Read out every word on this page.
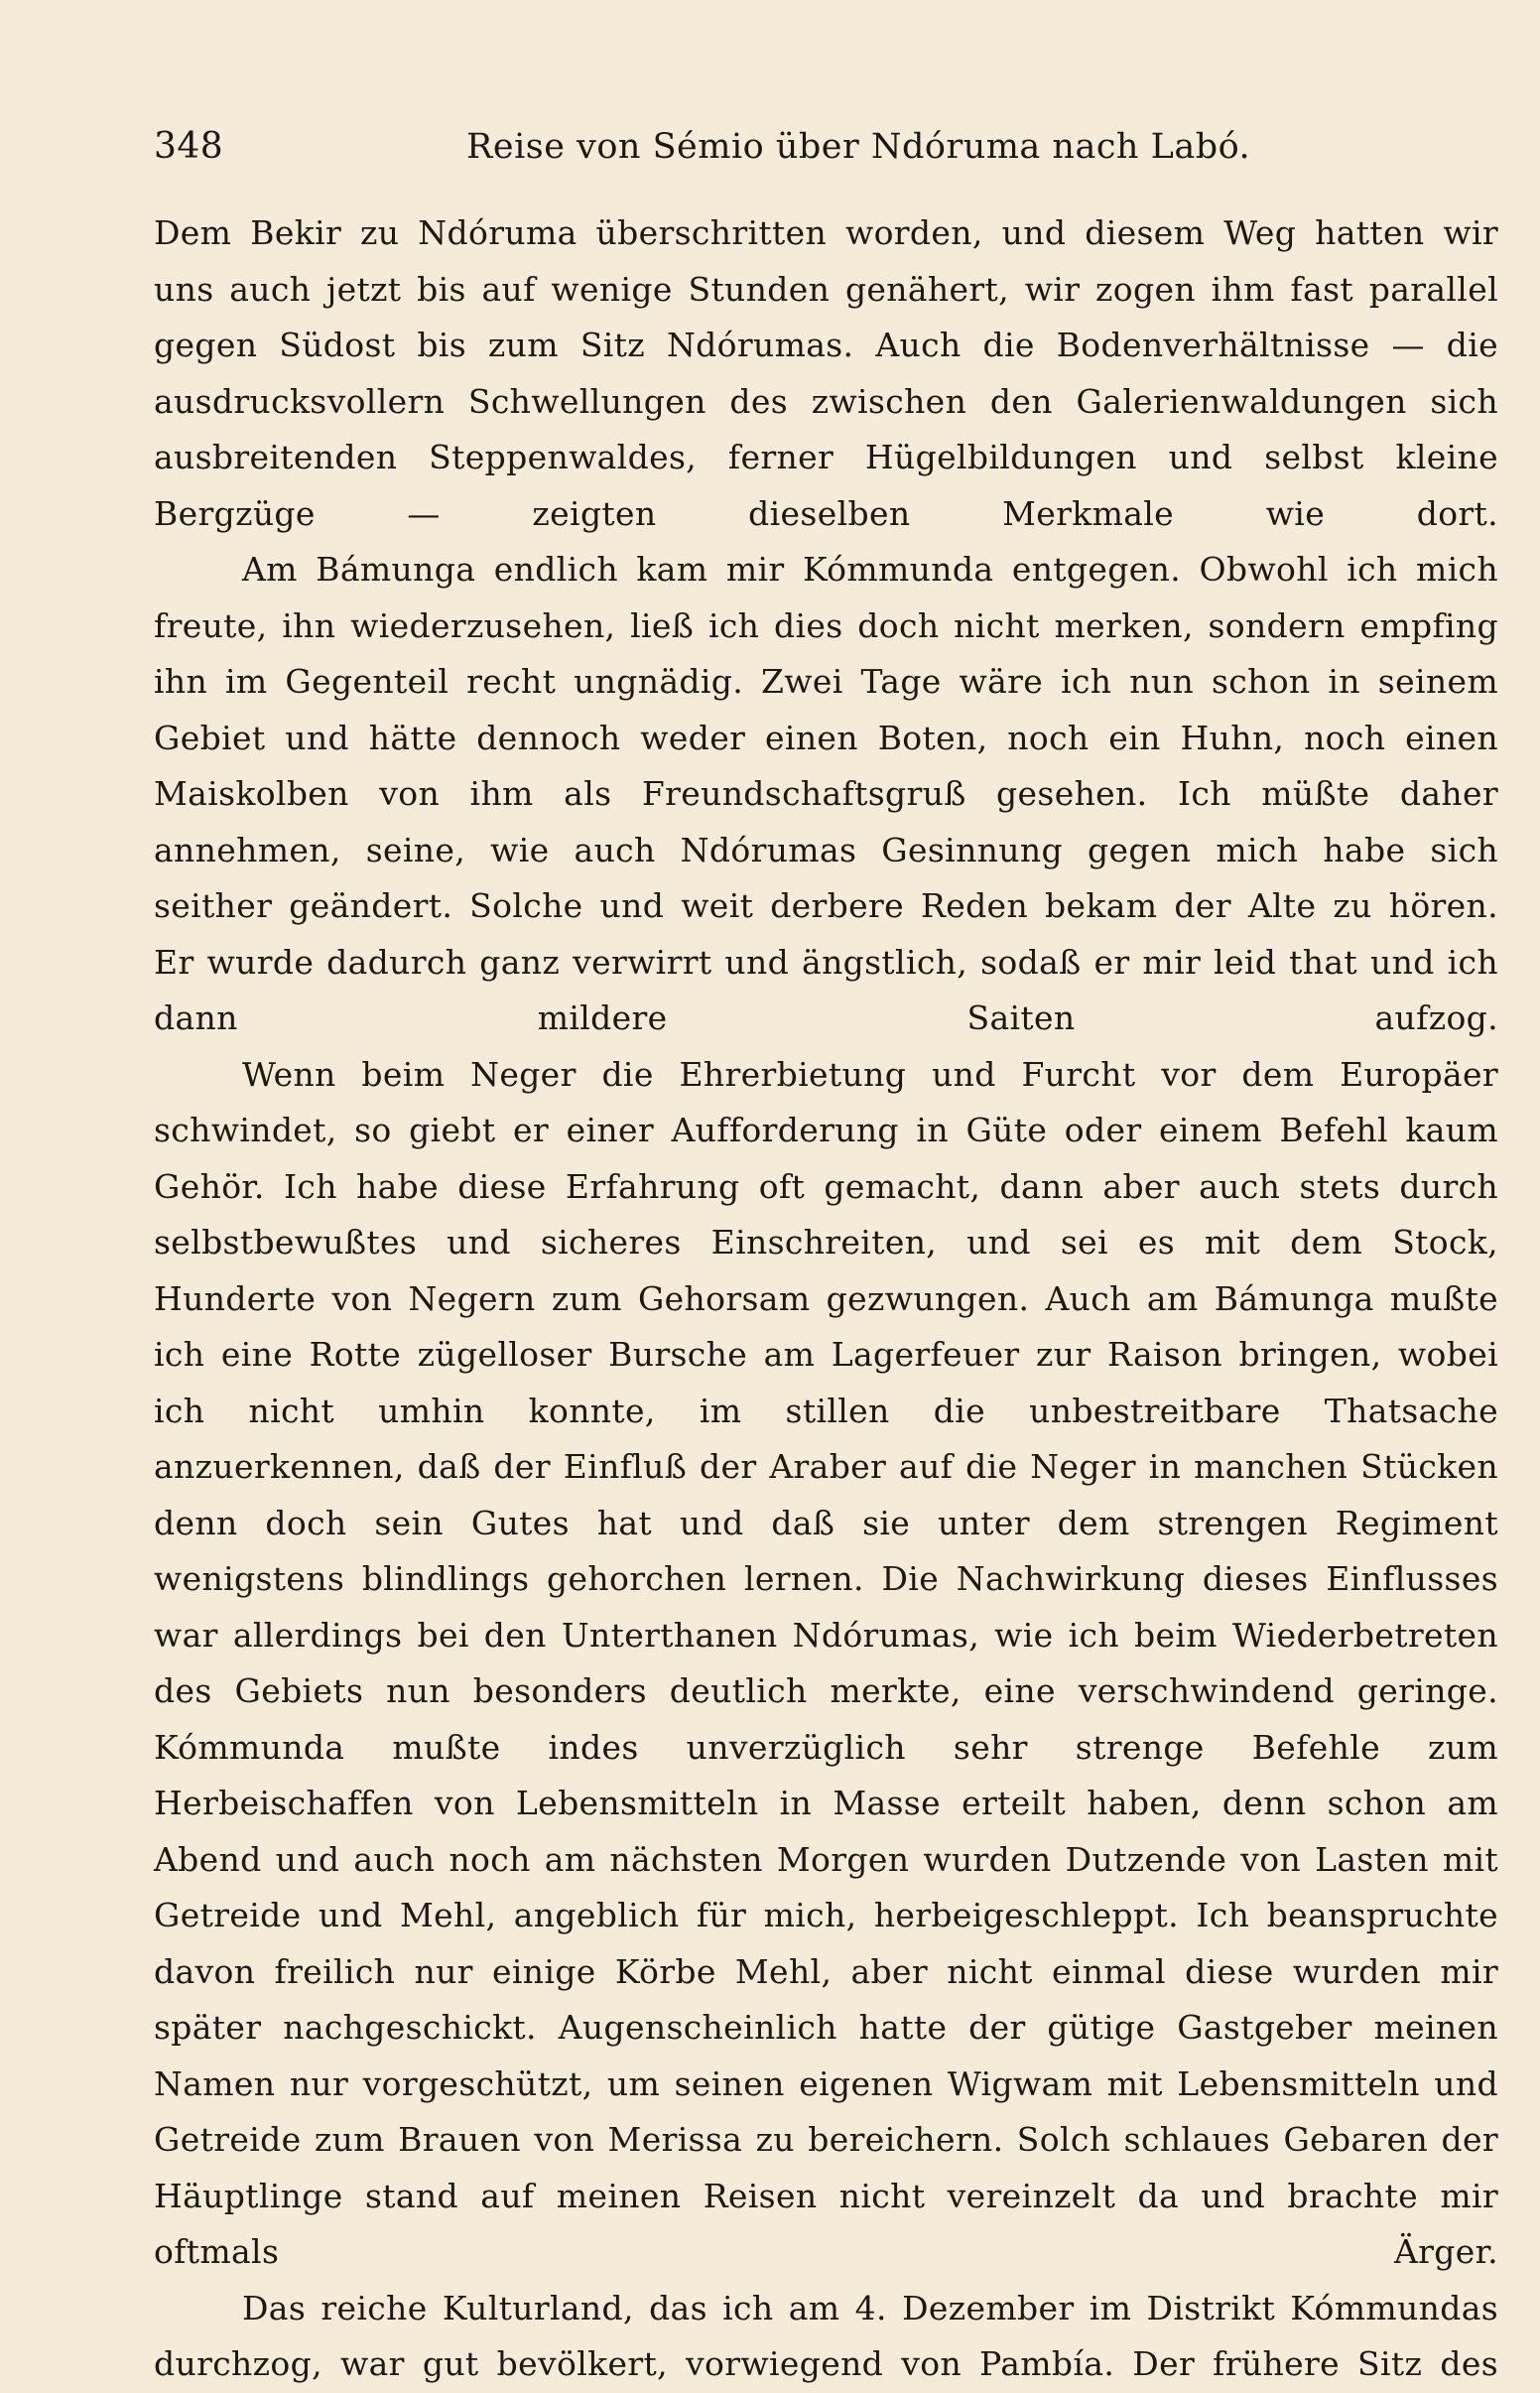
348	Reise von Sémio über Ndóruma nach Labó.

Dem Bekir zu Ndóruma überschritten worden, und diesem Weg hatten wir uns auch jetzt bis auf wenige Stunden genähert, wir zogen ihm fast parallel gegen Südost bis zum Sitz Ndórumas. Auch die Bodenverhältnisse — die ausdrucksvollern Schwellungen des zwischen den Galerienwaldungen sich ausbreitenden Steppenwaldes, ferner Hügelbildungen und selbst kleine Bergzüge — zeigten dieselben Merkmale wie dort.

Am Bámunga endlich kam mir Kómmunda entgegen. Obwohl ich mich freute, ihn wiederzusehen, ließ ich dies doch nicht merken, sondern empfing ihn im Gegenteil recht ungnädig. Zwei Tage wäre ich nun schon in seinem Gebiet und hätte dennoch weder einen Boten, noch ein Huhn, noch einen Maiskolben von ihm als Freundschaftsgruß gesehen. Ich müßte daher annehmen, seine, wie auch Ndórumas Gesinnung gegen mich habe sich seither geändert. Solche und weit derbere Reden bekam der Alte zu hören. Er wurde dadurch ganz verwirrt und ängstlich, sodaß er mir leid that und ich dann mildere Saiten aufzog.

Wenn beim Neger die Ehrerbietung und Furcht vor dem Europäer schwindet, so giebt er einer Aufforderung in Güte oder einem Befehl kaum Gehör. Ich habe diese Erfahrung oft gemacht, dann aber auch stets durch selbstbewußtes und sicheres Einschreiten, und sei es mit dem Stock, Hunderte von Negern zum Gehorsam gezwungen. Auch am Bámunga mußte ich eine Rotte zügelloser Bursche am Lagerfeuer zur Raison bringen, wobei ich nicht umhin konnte, im stillen die unbestreitbare Thatsache anzuerkennen, daß der Einfluß der Araber auf die Neger in manchen Stücken denn doch sein Gutes hat und daß sie unter dem strengen Regiment wenigstens blindlings gehorchen lernen. Die Nachwirkung dieses Einflusses war allerdings bei den Unterthanen Ndórumas, wie ich beim Wiederbetreten des Gebiets nun besonders deutlich merkte, eine verschwindend geringe. Kómmunda mußte indes unverzüglich sehr strenge Befehle zum Herbeischaffen von Lebensmitteln in Masse erteilt haben, denn schon am Abend und auch noch am nächsten Morgen wurden Dutzende von Lasten mit Getreide und Mehl, angeblich für mich, herbeigeschleppt. Ich beanspruchte davon freilich nur einige Körbe Mehl, aber nicht einmal diese wurden mir später nachgeschickt. Augenscheinlich hatte der gütige Gastgeber meinen Namen nur vorgeschützt, um seinen eigenen Wigwam mit Lebensmitteln und Getreide zum Brauen von Merissa zu bereichern. Solch schlaues Gebaren der Häuptlinge stand auf meinen Reisen nicht vereinzelt da und brachte mir oftmals Ärger.

Das reiche Kulturland, das ich am 4. Dezember im Distrikt Kómmundas durchzog, war gut bevölkert, vorwiegend von Pambía. Der frühere Sitz des
